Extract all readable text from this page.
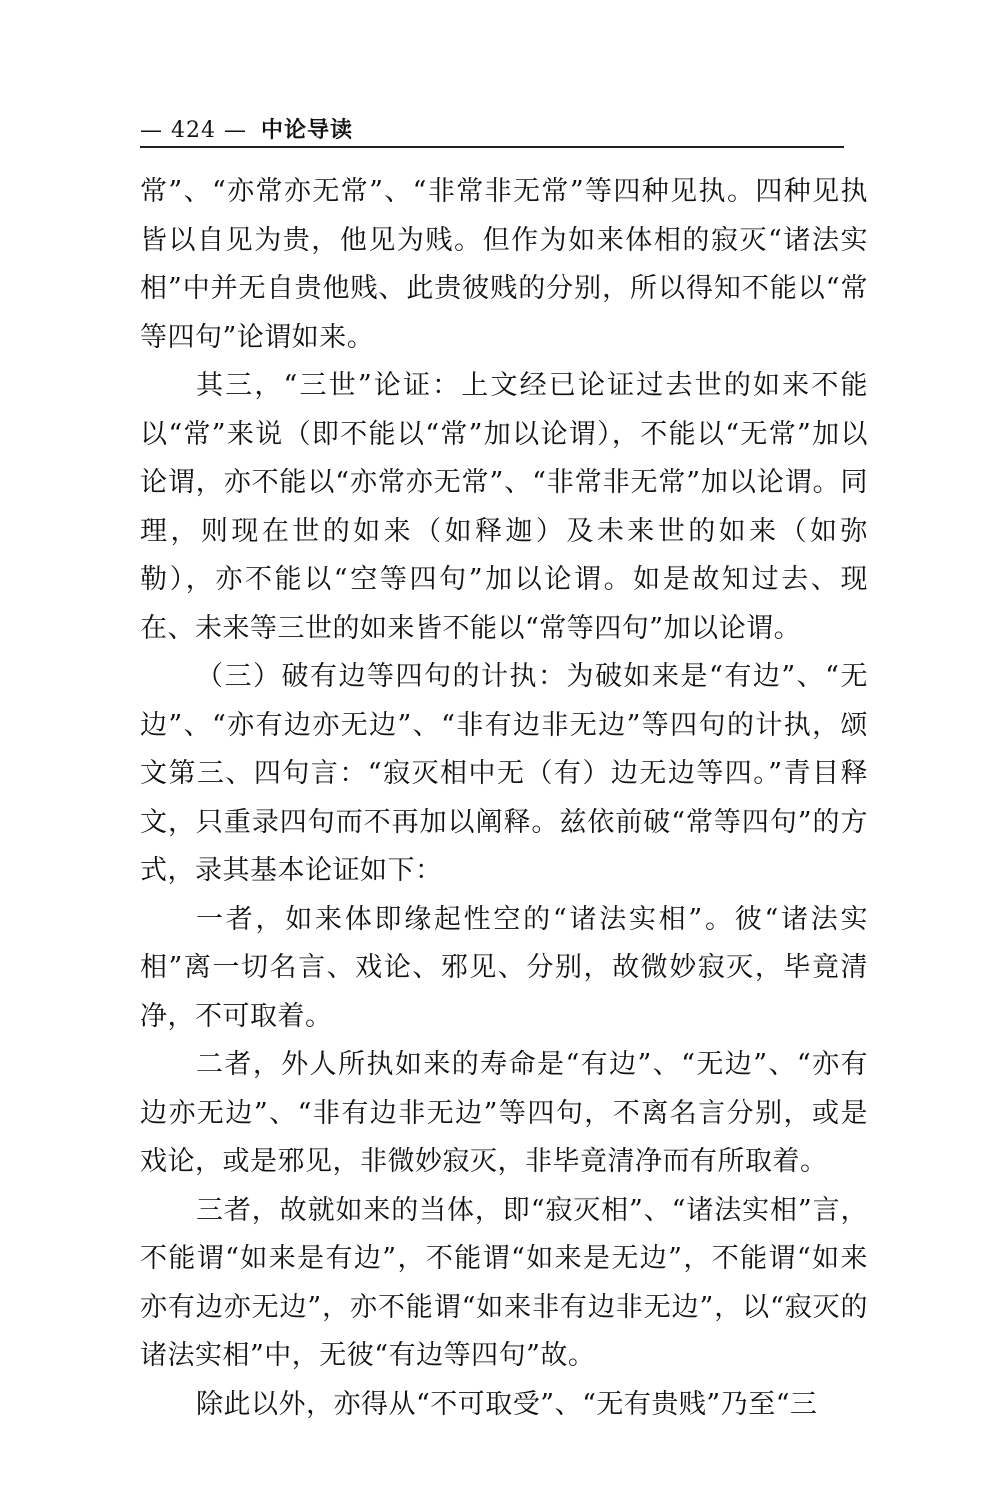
— 424 — 中论导读

常”、“亦常亦无常”、“非常非无常”等四种见执。四种见执皆以自见为贵，他见为贱。但作为如来体相的寂灭“诸法实相”中并无自贵他贱、此贵彼贱的分别，所以得知不能以“常等四句”论谓如来。

其三，“三世”论证：上文经已论证过去世的如来不能以“常”来说（即不能以“常”加以论谓），不能以“无常”加以论谓，亦不能以“亦常亦无常”、“非常非无常”加以论谓。同理，则现在世的如来（如释迦）及未来世的如来（如弥勒），亦不能以“空等四句”加以论谓。如是故知过去、现在、未来等三世的如来皆不能以“常等四句”加以论谓。

（三）破有边等四句的计执：为破如来是“有边”、“无边”、“亦有边亦无边”、“非有边非无边”等四句的计执，颂文第三、四句言：“寂灭相中无（有）边无边等四。”青目释文，只重录四句而不再加以阐释。兹依前破“常等四句”的方式，录其基本论证如下：

一者，如来体即缘起性空的“诸法实相”。彼“诸法实相”离一切名言、戏论、邪见、分别，故微妙寂灭，毕竟清净，不可取着。

二者，外人所执如来的寿命是“有边”、“无边”、“亦有边亦无边”、“非有边非无边”等四句，不离名言分别，或是戏论，或是邪见，非微妙寂灭，非毕竟清净而有所取着。

三者，故就如来的当体，即“寂灭相”、“诸法实相”言，不能谓“如来是有边”，不能谓“如来是无边”，不能谓“如来亦有边亦无边”，亦不能谓“如来非有边非无边”，以“寂灭的诸法实相”中，无彼“有边等四句”故。

除此以外，亦得从“不可取受”、“无有贵贱”乃至“三
